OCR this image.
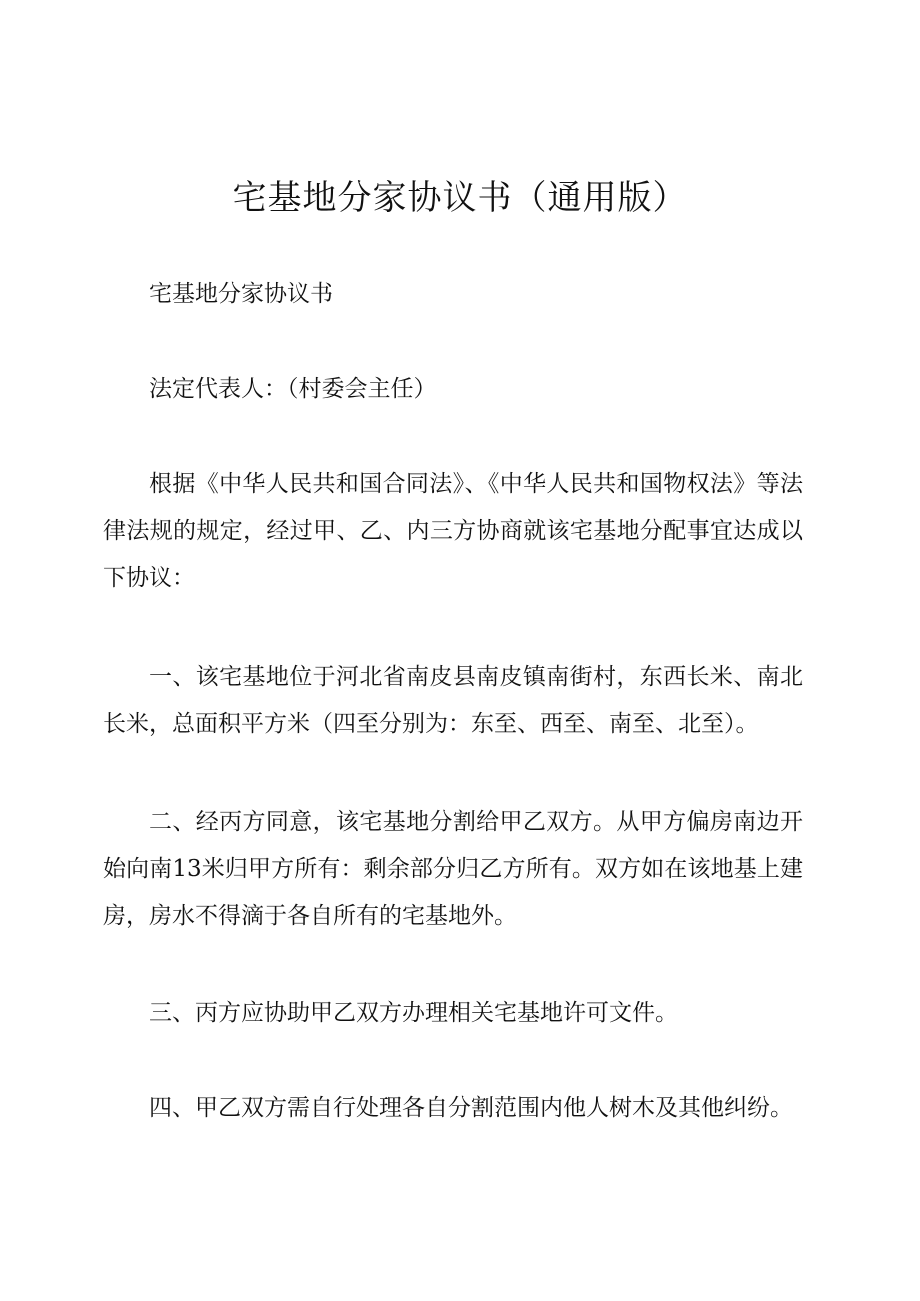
宅基地分家协议书（通用版）

宅基地分家协议书

法定代表人：（村委会主任）

根据《中华人民共和国合同法》、《中华人民共和国物权法》等法律法规的规定，经过甲、乙、内三方协商就该宅基地分配事宜达成以下协议：

一、该宅基地位于河北省南皮县南皮镇南街村，东西长米、南北长米，总面积平方米（四至分别为：东至、西至、南至、北至）。

二、经丙方同意，该宅基地分割给甲乙双方。从甲方偏房南边开始向南13米归甲方所有：剩余部分归乙方所有。双方如在该地基上建房，房水不得滴于各自所有的宅基地外。

三、丙方应协助甲乙双方办理相关宅基地许可文件。

四、甲乙双方需自行处理各自分割范围内他人树木及其他纠纷。
